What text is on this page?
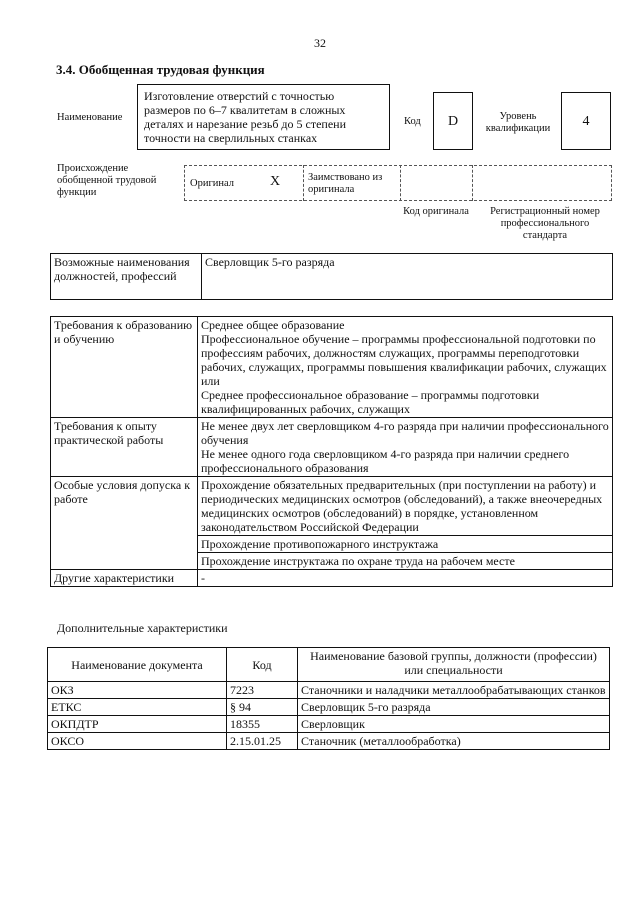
32
3.4. Обобщенная трудовая функция
Наименование
Изготовление отверстий с точностью размеров по 6–7 квалитетам в сложных деталях и нарезание резьб до 5 степени точности на сверлильных станках
Код	D	Уровень квалификации	4
Происхождение обобщенной трудовой функции
Оригинал	X	Заимствовано из оригинала
Код оригинала	Регистрационный номер профессионального стандарта
Возможные наименования должностей, профессий	Сверловщик 5-го разряда
Требования к образованию и обучению	Среднее общее образование
Профессиональное обучение – программы профессиональной подготовки по профессиям рабочих, должностям служащих, программы переподготовки рабочих, служащих, программы повышения квалификации рабочих, служащих
или
Среднее профессиональное образование – программы подготовки квалифицированных рабочих, служащих

Требования к опыту практической работы	Не менее двух лет сверловщиком 4-го разряда при наличии профессионального обучения
Не менее одного года сверловщиком 4-го разряда при наличии среднего профессионального образования

Особые условия допуска к работе	Прохождение обязательных предварительных (при поступлении на работу) и периодических медицинских осмотров (обследований), а также внеочередных медицинских осмотров (обследований) в порядке, установленном законодательством Российской Федерации
	Прохождение противопожарного инструктажа
	Прохождение инструктажа по охране труда на рабочем месте
Другие характеристики	-
Дополнительные характеристики
Наименование документа	Код	Наименование базовой группы, должности (профессии) или специальности
ОКЗ	7223	Станочники и наладчики металлообрабатывающих станков
ЕТКС	§ 94	Сверловщик 5-го разряда
ОКПДТР	18355	Сверловщик
ОКСО	2.15.01.25	Станочник (металлообработка)
